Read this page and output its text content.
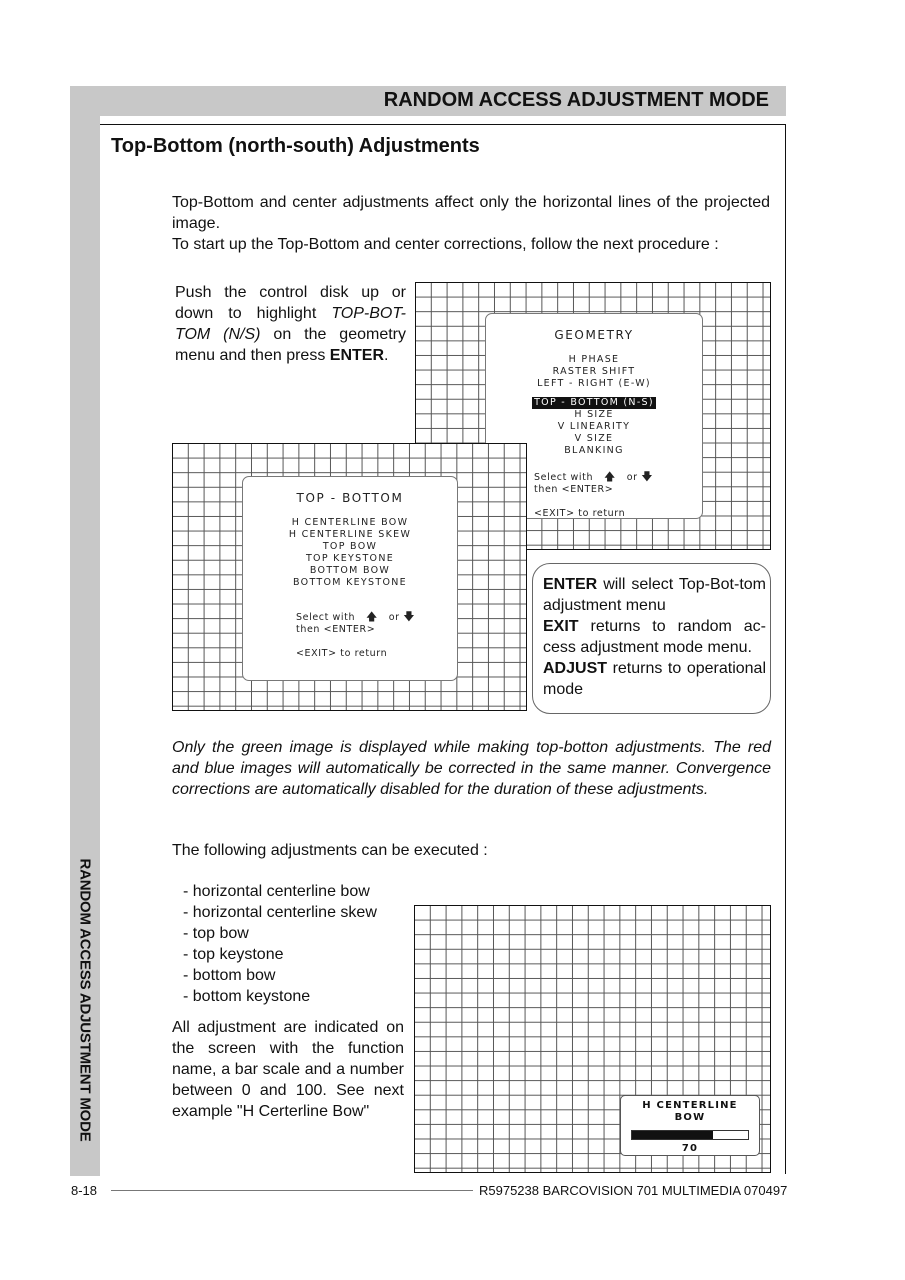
RANDOM ACCESS ADJUSTMENT MODE
RANDOM ACCESS ADJUSTMENT MODE
Top-Bottom (north-south) Adjustments

Top-Bottom and center adjustments affect only the horizontal lines of the projected image.

To start up the Top-Bottom and center corrections, follow the next procedure :

Push the control disk up or down to highlight TOP-BOT-TOM (N/S) on the geometry menu and then press ENTER.
GEOMETRY
H PHASE
RASTER SHIFT
LEFT - RIGHT (E-W)
TOP - BOTTOM (N-S)
H SIZE
V LINEARITY
V SIZE
BLANKING
Select with 🡅 or 🡇
then <ENTER>
<EXIT> to return
TOP - BOTTOM
H CENTERLINE BOW
H CENTERLINE SKEW
TOP BOW
TOP KEYSTONE
BOTTOM BOW
BOTTOM KEYSTONE
Select with 🡅 or 🡇
then <ENTER>
<EXIT> to return

ENTER will select Top-Bot-tom adjustment menu

EXIT returns to random ac-cess adjustment mode menu.

ADJUST returns to operational mode

Only the green image is displayed while making top-botton adjustments. The red and blue images will automatically be corrected in the same manner. Convergence corrections are automatically disabled for the duration of these adjustments.
The following adjustments can be executed :
- horizontal centerline bow
- horizontal centerline skew
- top bow
- top keystone
- bottom bow
- bottom keystone
All adjustment are indicated on the screen with the function name, a bar scale and a number between 0 and 100. See next example "H Certerline Bow"	H CENTERLINE
BOW
70
8-18	R5975238 BARCOVISION 701 MULTIMEDIA 070497
